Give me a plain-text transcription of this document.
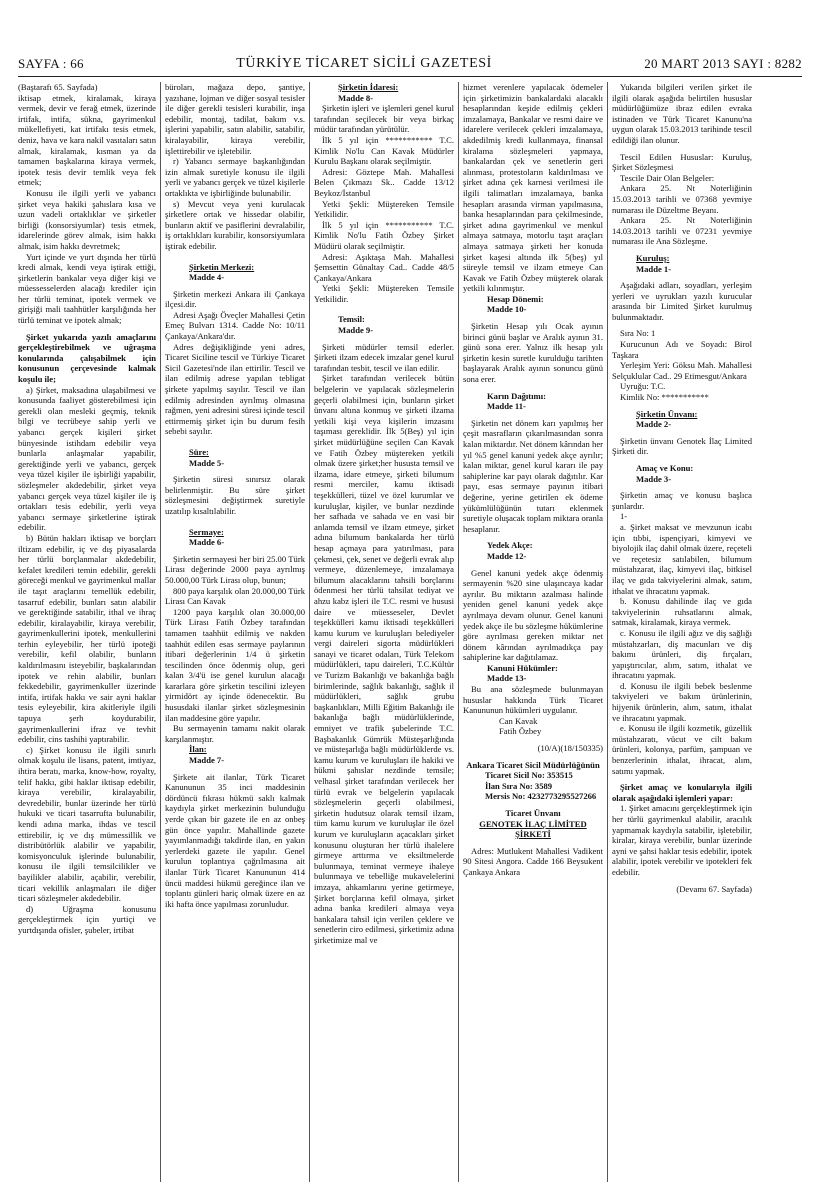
SAYFA : 66	TÜRKİYE TİCARET SİCİLİ GAZETESİ	20 MART 2013 SAYI : 8282

(Baştarafı 65. Sayfada)

iktisap etmek, kiralamak, kiraya vermek, devir ve ferağ etmek, üzerinde irtifak, intifa, sükna, gayrimenkul mükellefiyeti, kat irtifakı tesis etmek, deniz, hava ve kara nakil vasıtaları satın almak, kiralamak, kısman ya da tamamen başkalarına kiraya vermek, ipotek tesis devir temlik veya fek etmek;

Konusu ile ilgili yerli ve yabancı şirket veya hakiki şahıslara kısa ve uzun vadeli ortaklıklar ve şirketler birliği (konsorsiyumlar) tesis etmek, idarelerinde görev almak, isim hakkı almak, isim hakkı devretmek;

Yurt içinde ve yurt dışında her türlü kredi almak, kendi veya iştirak ettiği, şirketlerin bankalar veya diğer kişi ve müessesselerden alacağı krediler için her türlü teminat, ipotek vermek ve girişiği mali taahhütler karşılığında her türlü teminat ve ipotek almak;

Şirket yukarıda yazılı amaçlarını gerçekleştirebilmek ve uğraşma konularında çalışabilmek için konusunun çerçevesinde kalmak koşulu ile;

a) Şirket, maksadına ulaşabilmesi ve konusunda faaliyet gösterebilmesi için gerekli olan mesleki geçmiş, teknik bilgi ve tecrübeye sahip yerli ve yabancı gerçek kişileri şirket bünyesinde istihdam edebilir veya bunlarla anlaşmalar yapabilir, gerektiğinde yerli ve yabancı, gerçek veya tüzel kişiler ile işbirliği yapabilir, sözleşmeler akdedebilir, şirket veya yabancı gerçek veya tüzel kişiler ile iş ortakları tesis edebilir, yerli veya yabancı sermaye şirketlerine iştirak edebilir.

b) Bütün hakları iktisap ve borçları iltizam edebilir, iç ve dış piyasalarda her türlü borçlanmalar akdedebilir, kefalet kredileri temin edebilir, gerekli göreceği menkul ve gayrimenkul mallar ile taşıt araçlarını temellük edebilir, tasarruf edebilir, bunları satın alabilir ve gerektiğinde satabilir, ithal ve ihraç edebilir, kiralayabilir, kiraya verebilir, gayrimenkullerini ipotek, menkullerini terhin eyleyebilir, her türlü ipoteği verebilir, kefil olabilir, bunların kaldırılmasını isteyebilir, başkalarından ipotek ve rehin alabilir, bunları fekkedebilir, gayrimenkuller üzerinde intifa, irtifak hakkı ve sair ayni haklar tesis eyleyebilir, kira akitleriyle ilgili tapuya şerh koydurabilir, gayrimenkullerini ifraz ve tevhit edebilir, cins tashihi yaptırabilir.

c) Şirket konusu ile ilgili sınırlı olmak koşulu ile lisans, patent, imtiyaz, ihtira beratı, marka, know-how, royalty, telif hakkı, gibi haklar iktisap edebilir, kiraya verebilir, kiralayabilir, devredebilir, bunlar üzerinde her türlü hukuki ve ticari tasarrufta bulunabilir, kendi adına marka, ihdas ve tescil ettirebilir, iç ve dış mümessillik ve distribütörlük alabilir ve yapabilir, komisyonculuk işlerinde bulunabilir, konusu ile ilgili temsilcilikler ve bayilikler alabilir, açabilir, verebilir, ticari vekillik anlaşmaları ile diğer ticari sözleşmeler akdedebilir.

d) Uğraşma konusunu gerçekleştirmek için yurtiçi ve yurtdışında ofisler, şubeler, irtibat

büroları, mağaza depo, şantiye, yazıhane, lojman ve diğer sosyal tesisler ile diğer gerekli tesisleri kurabilir, inşa edebilir, montaj, tadilat, bakım v.s. işlerini yapabilir, satın alabilir, satabilir, kiralayabilir, kiraya verebilir, işlettirebilir ve işletebilir.

r) Yabancı sermaye başkanlığından izin almak suretiyle konusu ile ilgili yerli ve yabancı gerçek ve tüzel kişilerle ortaklıkta ve işbirliğinde bulunabilir.

s) Mevcut veya yeni kurulacak şirketlere ortak ve hissedar olabilir, bunların aktif ve pasiflerini devralabilir, iş ortaklıkları kurabilir, konsorsiyumlara iştirak edebilir.

Şirketin Merkezi:

Madde 4-

Şirketin merkezi Ankara ili Çankaya ilçesi.dir.

Adresi Aşağı Öveçler Mahallesi Çetin Emeç Bulvarı 1314. Cadde No: 10/11 Çankaya/Ankara'dır.

Adres değişikliğinde yeni adres, Ticaret Siciline tescil ve Türkiye Ticaret Sicil Gazetesi'nde ilan ettirilir. Tescil ve ilan edilmiş adrese yapılan tebligat şirkete yapılmış sayılır. Tescil ve ilan edilmiş adresinden ayrılmış olmasına rağmen, yeni adresini süresi içinde tescil ettirmemiş şirket için bu durum fesih sebebi sayılır.

Süre:

Madde 5-

Şirketin süresi sınırsız olarak belirlenmiştir. Bu süre şirket sözleşmesini değiştirmek suretiyle uzatılıp kısaltılabilir.

Sermaye:

Madde 6-

Şirketin sermayesi her biri 25.00 Türk Lirası değerinde 2000 paya ayrılmış 50.000,00 Türk Lirası olup, bunun;

800 paya karşılık olan 20.000,00 Türk Lirası Can Kavak

1200 paya karşılık olan 30.000,00 Türk Lirası Fatih Özbey tarafından tamamen taahhüt edilmiş ve nakden taahhüt edilen esas sermaye paylarının itibari değerlerinin 1/4 ü şirketin tescilinden önce ödenmiş olup, geri kalan 3/4'ü ise genel kurulun alacağı kararlara göre şirketin tescilini izleyen yirmidört ay içinde ödenecektir. Bu hususdaki ilanlar şirket sözleşmesinin ilan maddesine göre yapılır.

Bu sermayenin tamamı nakit olarak karşılanmıştır.

İlan:

Madde 7-

Şirkete ait ilanlar, Türk Ticaret Kanununun 35 inci maddesinin dördüncü fıkrası hükmü saklı kalmak kaydıyla şirket merkezinin bulunduğu yerde çıkan bir gazete ile en az onbeş gün önce yapılır. Mahallinde gazete yayımlanmadığı takdirde ilan, en yakın yerlerdeki gazete ile yapılır. Genel kurulun toplantıya çağrılmasına ait ilanlar Türk Ticaret Kanununun 414 üncü maddesi hükmü gereğince ilan ve toplantı günleri hariç olmak üzere en az iki hafta önce yapılması zorunludur.

Şirketin İdaresi:

Madde 8-

Şirketin işleri ve işlemleri genel kurul tarafından seçilecek bir veya birkaç müdür tarafından yürütülür.

İlk 5 yıl için *********** T.C. Kimlik No'lu Can Kavak Müdürler Kurulu Başkanı olarak seçilmiştir.

Adresi: Göztepe Mah. Mahallesi Belen Çıkmazı Sk.. Cadde 13/12 Beykoz/İstanbul

Yetki Şekli: Müştereken Temsile Yetkilidir.

İlk 5 yıl için *********** T.C. Kimlik No'lu Fatih Özbey Şirket Müdürü olarak seçilmiştir.

Adresi: Aşıktaşa Mah. Mahallesi Şemsettin Günaltay Cad.. Cadde 48/5 Çankaya/Ankara

Yetki Şekli: Müştereken Temsile Yetkilidir.

Temsil:

Madde 9-

Şirketi müdürler temsil ederler. Şirketi ilzam edecek imzalar genel kurul tarafından tesbit, tescil ve ilan edilir.

Şirket tarafından verilecek bütün belgelerin ve yapılacak sözleşmelerin geçerli olabilmesi için, bunların şirket ünvanı altına konmuş ve şirketi ilzama yetkili kişi veya kişilerin imzasını taşıması gereklidir. İlk 5(Beş) yıl için şirket müdürlüğüne seçilen Can Kavak ve Fatih Özbey müştereken yetkili olmak üzere şirket;her hususta temsil ve ilzama, idare etmeye, şirketi bilumum resmi merciler, kamu iktisadi teşekkülleri, tüzel ve özel kurumlar ve kuruluşlar, kişiler, ve bunlar nezdinde her safhada ve sahada ve en vasi bir anlamda temsil ve ilzam etmeye, şirket adına bilumum bankalarda her türlü hesap açmaya para yatırılması, para çekmesi, çek, senet ve değerli evrak alıp vermeye, düzenlemeye, imzalamaya bilumum alacaklarını tahsili borçlarını ödenmesi her türlü tahsilat tediyat ve ahzu kabz işleri ile T.C. resmi ve hususi daire ve müesseseler, Devlet teşekkülleri kamu iktisadi teşekkülleri kamu kurum ve kuruluşları belediyeler vergi daireleri sigorta müdürlükleri sanayi ve ticaret odaları, Türk Telekom müdürlükleri, tapu daireleri, T.C.Kültür ve Turizm Bakanlığı ve bakanlığa bağlı birimlerinde, sağlık bakanlığı, sağlık il müdürlükleri, sağlık grubu başkanlıkları, Milli Eğitim Bakanlığı ile bakanlığa bağlı müdürlüklerinde, emniyet ve trafik şubelerinde T.C. Başbakanlık Gümrük Müsteşarlığında ve müsteşarlığa bağlı müdürlüklerde vs. kamu kurum ve kuruluşları ile hakiki ve hükmi şahıslar nezdinde temsile; velhasıl şirket tarafından verilecek her türlü evrak ve belgelerin yapılacak sözleşmelerin geçerli olabilmesi, şirketin hudutsuz olarak temsil ilzam, tüm kamu kurum ve kuruluşlar ile özel kurum ve kuruluşların açacakları şirket konusunu oluşturan her türlü ihalelere girmeye arttırma ve eksiltmelerde bulunmaya, teminat vermeye ihaleye bulunmaya ve tebelliğe mukavelelerini imzaya, ahkamlarını yerine getirmeye, Şirket borçlarına kefil olmaya, şirket adına banka kredileri almaya veya bankalara tahsil için verilen çeklere ve senetlerin ciro edilmesi, şirketimiz adına şirketimize mal ve

hizmet verenlere yapılacak ödemeler için şirketimizin bankalardaki alacaklı hesaplarından keşide edilmiş çekleri imzalamaya, Bankalar ve resmi daire ve idarelere verilecek çekleri imzalamaya, akdedilmiş kredi kullanmaya, finansal kiralama sözleşmeleri yapmaya, bankalardan çek ve senetlerin geri alınması, protestoların kaldırılması ve şirket adına çek karnesi verilmesi ile ilgili talimatları imzalamaya, banka hesapları arasında virman yapılmasına, banka hesaplarından para çekilmesinde, şirket adına gayrimenkul ve menkul almaya satmaya, motorlu taşıt araçları almaya satmaya şirketi her konuda şirket kaşesi altında ilk 5(beş) yıl süreyle temsil ve ilzam etmeye Can Kavak ve Fatih Özbey müşterek olarak yetkili kılınmıştır.

Hesap Dönemi:

Madde 10-

Şirketin Hesap yılı Ocak ayının birinci günü başlar ve Aralık ayının 31. günü sona erer. Yalnız ilk hesap yılı şirketin kesin suretle kurulduğu tarihten başlayarak Aralık ayının sonuncu günü sona erer.

Karın Dağıtımı:

Madde 11-

Şirketin net dönem karı yapılmış her çeşit masrafların çıkarılmasından sonra kalan miktardır. Net dönem kârından her yıl %5 genel kanuni yedek akçe ayrılır; kalan miktar, genel kurul kararı ile pay sahiplerine kar payı olarak dağıtılır. Kar payı, esas sermaye payının itibari değerine, yerine getirilen ek ödeme yükümlülüğünün tutarı eklenmek suretiyle oluşacak toplam miktara oranla hesaplanır.

Yedek Akçe:

Madde 12-

Genel kanuni yedek akçe ödenmiş sermayenin %20 sine ulaşıncaya kadar ayrılır. Bu miktarın azalması halinde yeniden genel kanuni yedek akçe ayrılmaya devam olunur. Genel kanuni yedek akçe ile bu sözleşme hükümlerine göre ayrılması gereken miktar net dönem kârından ayrılmadıkça pay sahiplerine kar dağıtılamaz.

Kanuni Hükümler:

Madde 13-

Bu ana sözleşmede bulunmayan hususlar hakkında Türk Ticaret Kanununun hükümleri uygulanır.

Can Kavak

Fatih Özbey

(10/A)(18/150335)

Ankara Ticaret Sicil Müdürlüğünün

Ticaret Sicil No: 353515

İlan Sıra No: 3589

Mersis No: 4232773295527266

Ticaret Ünvanı

GENOTEK İLAÇ LİMİTED ŞİRKETİ

Adres: Mutlukent Mahallesi Vadikent 90 Sitesi Angora. Cadde 166 Beysukent Çankaya Ankara

Yukarıda bilgileri verilen şirket ile ilgili olarak aşağıda belirtilen hususlar müdürlüğümüze ibraz edilen evraka istinaden ve Türk Ticaret Kanunu'na uygun olarak 15.03.2013 tarihinde tescil edildiği ilan olunur.

Tescil Edilen Hususlar: Kuruluş, Şirket Sözleşmesi

Tescile Dair Olan Belgeler:

Ankara 25. Nt Noterliğinin 15.03.2013 tarihli ve 07368 yevmiye numarası ile Düzeltme Beyanı.

Ankara 25. Nt Noterliğinin 14.03.2013 tarihli ve 07231 yevmiye numarası ile Ana Sözleşme.

Kuruluş:

Madde 1-

Aşağıdaki adları, soyadları, yerleşim yerleri ve uyrukları yazılı kurucular arasında bir Limited Şirket kurulmuş bulunmaktadır.

Sıra No: 1

Kurucunun Adı ve Soyadı: Birol Taşkara

Yerleşim Yeri: Göksu Mah. Mahallesi Selçuklular Cad.. 29 Etimesgut/Ankara

Uyruğu: T.C.

Kimlik No: ***********

Şirketin Ünvanı:

Madde 2-

Şirketin ünvanı Genotek İlaç Limited Şirketi dir.

Amaç ve Konu:

Madde 3-

Şirketin amaç ve konusu başlıca şunlardır.

1-

a. Şirket maksat ve mevzunun icabı için tıbbi, ispençiyari, kimyevi ve biyolojik ilaç dahil olmak üzere, reçeteli ve reçetesiz satılabilen, bilumum müstahzarat, ilaç, kimyevi ilaç, bitkisel ilaç ve gıda takviyelerini almak, satım, ithalat ve ihracatını yapmak.

b. Konusu dahilinde ilaç ve gıda takviyelerinin ruhsatlarını almak, satmak, kiralamak, kiraya vermek.

c. Konusu ile ilgili ağız ve diş sağlığı müstahzarları, diş macunları ve diş bakımı ürünleri, diş fırçaları, yapıştırıcılar, alım, satım, ithalat ve ihracatını yapmak.

d. Konusu ile ilgili bebek beslenme takviyeleri ve bakım ürünlerinin, hijyenik ürünlerin, alım, satım, ithalat ve ihracatını yapmak.

e. Konusu ile ilgili kozmetik, güzellik müstahzaratı, vücut ve cilt bakım ürünleri, kolonya, parfüm, şampuan ve benzerlerinin ithalat, ihracat, alım, satımı yapmak.

Şirket amaç ve konularıyla ilgili olarak aşağıdaki işlemleri yapar:

1. Şirket amacını gerçekleştirmek için her türlü gayrimenkul alabilir, aracılık yapmamak kaydıyla satabilir, işletebilir, kiralar, kiraya verebilir, bunlar üzerinde ayni ve şahsi haklar tesis edebilir, ipotek alabilir, ipotek verebilir ve ipotekleri fek edebilir.

(Devamı 67. Sayfada)
